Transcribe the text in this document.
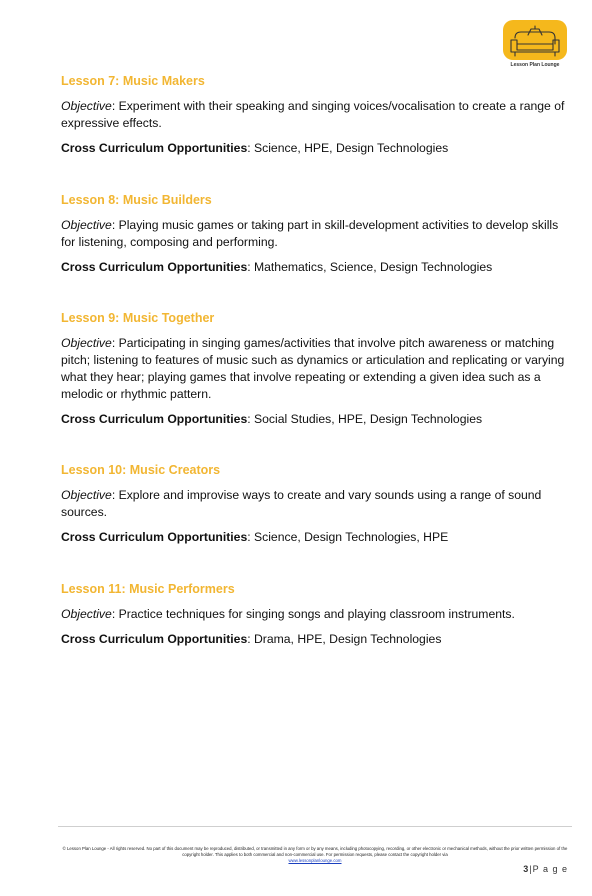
Lesson Plan Lounge

Lesson 7: Music Makers

Objective: Experiment with their speaking and singing voices/vocalisation to create a range of expressive effects.

Cross Curriculum Opportunities: Science, HPE, Design Technologies

Lesson 8: Music Builders

Objective: Playing music games or taking part in skill-development activities to develop skills for listening, composing and performing.

Cross Curriculum Opportunities: Mathematics, Science, Design Technologies

Lesson 9: Music Together

Objective: Participating in singing games/activities that involve pitch awareness or matching pitch; listening to features of music such as dynamics or articulation and replicating or varying what they hear; playing games that involve repeating or extending a given idea such as a melodic or rhythmic pattern.

Cross Curriculum Opportunities: Social Studies, HPE, Design Technologies

Lesson 10: Music Creators

Objective: Explore and improvise ways to create and vary sounds using a range of sound sources.

Cross Curriculum Opportunities: Science, Design Technologies, HPE

Lesson 11: Music Performers

Objective: Practice techniques for singing songs and playing classroom instruments.

Cross Curriculum Opportunities: Drama, HPE, Design Technologies

© Lesson Plan Lounge - All rights reserved. No part of this document may be reproduced, distributed, or transmitted in any form or by any means, including photocopying, recording, or other electronic or mechanical methods, without the prior written permission of the copyright holder. This applies to both commercial and non-commercial use. For permission requests, please contact the copyright holder via
www.lessonplanlounge.com
3|P a g e
